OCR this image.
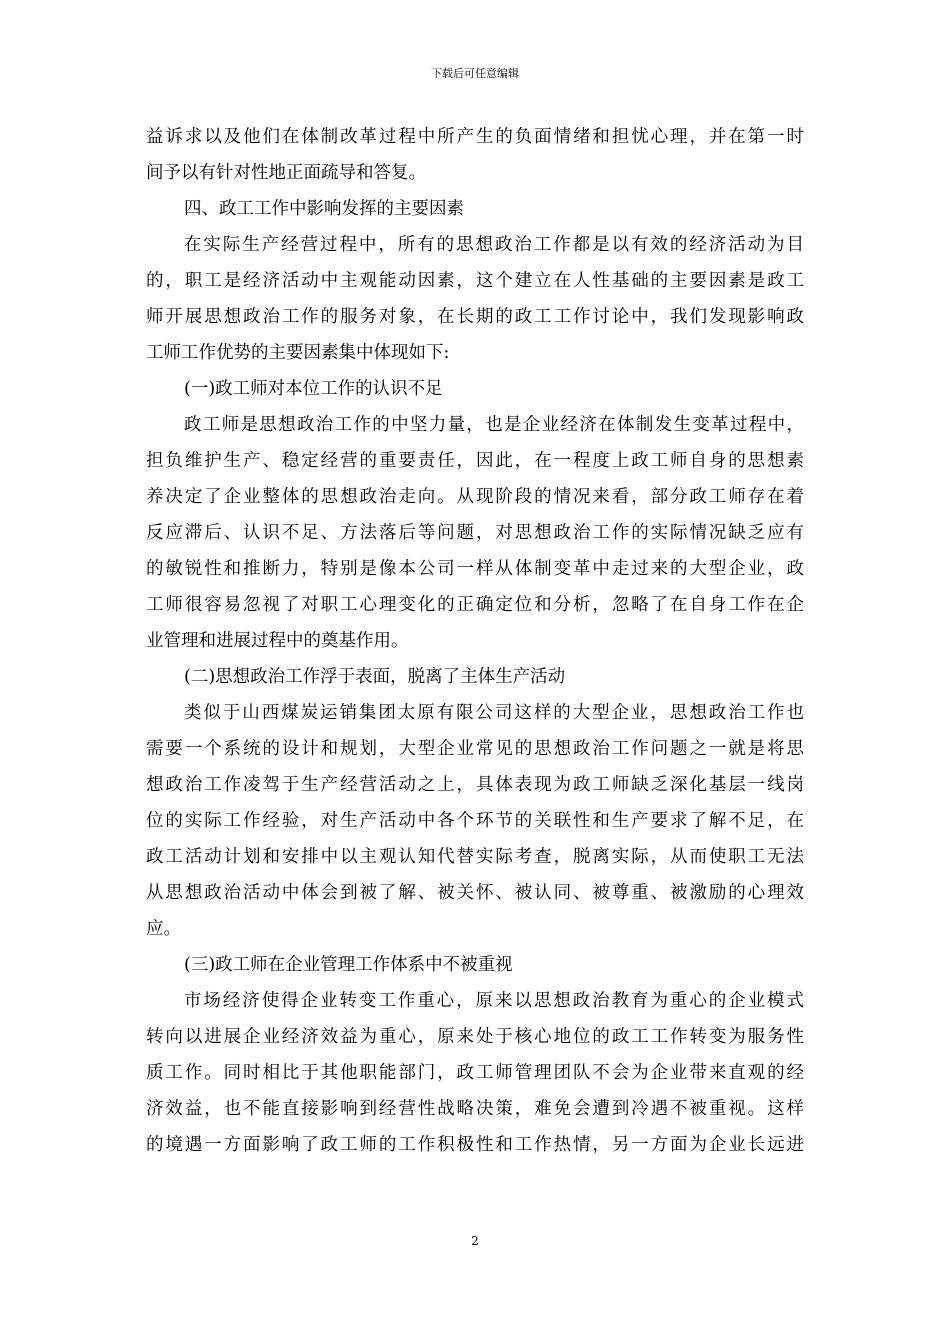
下载后可任意编辑
益诉求以及他们在体制改革过程中所产生的负面情绪和担忧心理，并在第一时
间予以有针对性地正面疏导和答复。
四、政工工作中影响发挥的主要因素
在实际生产经营过程中，所有的思想政治工作都是以有效的经济活动为目
的，职工是经济活动中主观能动因素，这个建立在人性基础的主要因素是政工
师开展思想政治工作的服务对象，在长期的政工工作讨论中，我们发现影响政
工师工作优势的主要因素集中体现如下:
(一)政工师对本位工作的认识不足
政工师是思想政治工作的中坚力量，也是企业经济在体制发生变革过程中，
担负维护生产、稳定经营的重要责任，因此，在一程度上政工师自身的思想素
养决定了企业整体的思想政治走向。从现阶段的情况来看，部分政工师存在着
反应滞后、认识不足、方法落后等问题，对思想政治工作的实际情况缺乏应有
的敏锐性和推断力，特别是像本公司一样从体制变革中走过来的大型企业，政
工师很容易忽视了对职工心理变化的正确定位和分析，忽略了在自身工作在企
业管理和进展过程中的奠基作用。
(二)思想政治工作浮于表面，脱离了主体生产活动
类似于山西煤炭运销集团太原有限公司这样的大型企业，思想政治工作也
需要一个系统的设计和规划，大型企业常见的思想政治工作问题之一就是将思
想政治工作凌驾于生产经营活动之上，具体表现为政工师缺乏深化基层一线岗
位的实际工作经验，对生产活动中各个环节的关联性和生产要求了解不足，在
政工活动计划和安排中以主观认知代替实际考查，脱离实际，从而使职工无法
从思想政治活动中体会到被了解、被关怀、被认同、被尊重、被激励的心理效
应。
(三)政工师在企业管理工作体系中不被重视
市场经济使得企业转变工作重心，原来以思想政治教育为重心的企业模式
转向以进展企业经济效益为重心，原来处于核心地位的政工工作转变为服务性
质工作。同时相比于其他职能部门，政工师管理团队不会为企业带来直观的经
济效益，也不能直接影响到经营性战略决策，难免会遭到冷遇不被重视。这样
的境遇一方面影响了政工师的工作积极性和工作热情，另一方面为企业长远进
2
